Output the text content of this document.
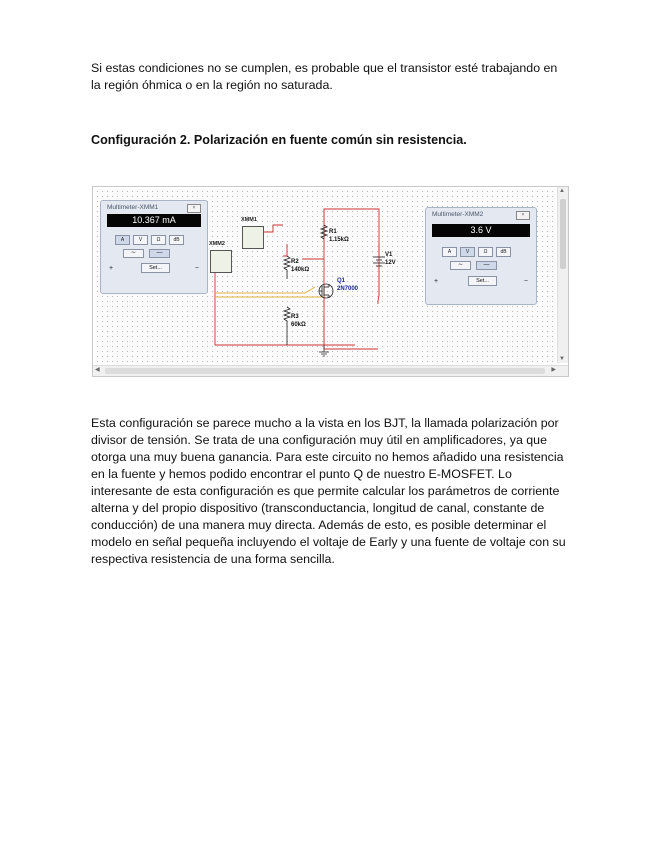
Si estas condiciones no se cumplen, es probable que el transistor esté trabajando en la región óhmica o en la región no saturada.

Configuración 2. Polarización en fuente común sin resistencia.

Multimeter-XMM1	×
10.367 mA
A	V	Ω	dB
∼	—
Set...
+	−
XMM1
XMM2
R1
1.15kΩ
R2
140kΩ
R3
60kΩ
V1
12V
Q1
2N7000
Multimeter-XMM2	×
3.6 V
A	V	Ω	dB
∼	—
Set...
+	−
▲
▼
◀	▶

Esta configuración se parece mucho a la vista en los BJT, la llamada polarización por divisor de tensión. Se trata de una configuración muy útil en amplificadores, ya que otorga una muy buena ganancia. Para este circuito no hemos añadido una resistencia en la fuente y hemos podido encontrar el punto Q de nuestro E-MOSFET. Lo interesante de esta configuración es que permite calcular los parámetros de corriente alterna y del propio dispositivo (transconductancia, longitud de canal, constante de conducción) de una manera muy directa. Además de esto, es posible determinar el modelo en señal pequeña incluyendo el voltaje de Early y una fuente de voltaje con su respectiva resistencia de una forma sencilla.
